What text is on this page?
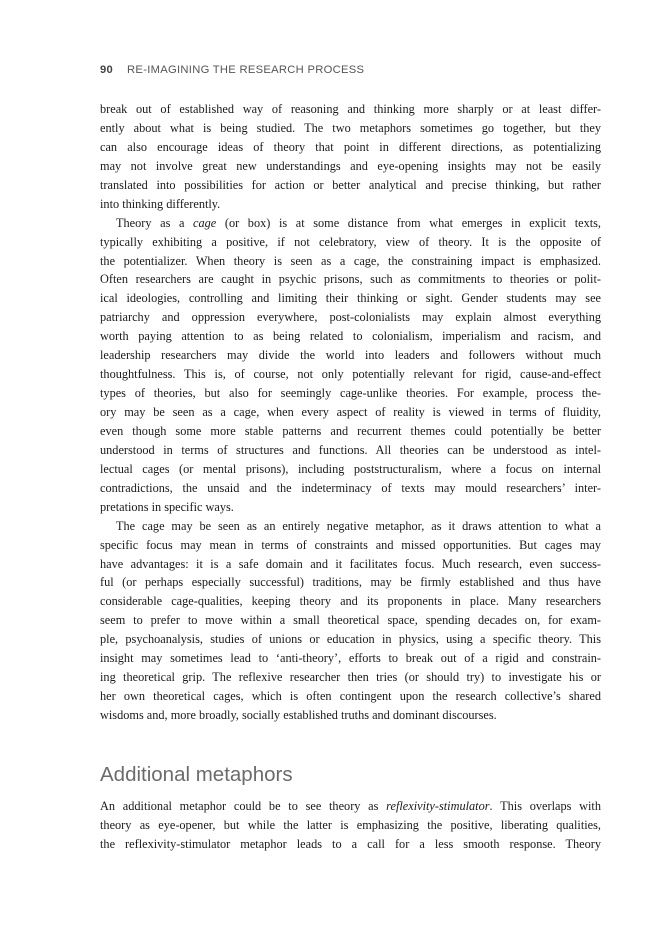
90 RE-IMAGINING THE RESEARCH PROCESS
break out of established way of reasoning and thinking more sharply or at least differ-
ently about what is being studied. The two metaphors sometimes go together, but they
can also encourage ideas of theory that point in different directions, as potentializing
may not involve great new understandings and eye-opening insights may not be easily
translated into possibilities for action or better analytical and precise thinking, but rather
into thinking differently.
Theory as a cage (or box) is at some distance from what emerges in explicit texts,
typically exhibiting a positive, if not celebratory, view of theory. It is the opposite of
the potentializer. When theory is seen as a cage, the constraining impact is emphasized.
Often researchers are caught in psychic prisons, such as commitments to theories or polit-
ical ideologies, controlling and limiting their thinking or sight. Gender students may see
patriarchy and oppression everywhere, post-colonialists may explain almost everything
worth paying attention to as being related to colonialism, imperialism and racism, and
leadership researchers may divide the world into leaders and followers without much
thoughtfulness. This is, of course, not only potentially relevant for rigid, cause-and-effect
types of theories, but also for seemingly cage-unlike theories. For example, process the-
ory may be seen as a cage, when every aspect of reality is viewed in terms of fluidity,
even though some more stable patterns and recurrent themes could potentially be better
understood in terms of structures and functions. All theories can be understood as intel-
lectual cages (or mental prisons), including poststructuralism, where a focus on internal
contradictions, the unsaid and the indeterminacy of texts may mould researchers’ inter-
pretations in specific ways.
The cage may be seen as an entirely negative metaphor, as it draws attention to what a
specific focus may mean in terms of constraints and missed opportunities. But cages may
have advantages: it is a safe domain and it facilitates focus. Much research, even success-
ful (or perhaps especially successful) traditions, may be firmly established and thus have
considerable cage-qualities, keeping theory and its proponents in place. Many researchers
seem to prefer to move within a small theoretical space, spending decades on, for exam-
ple, psychoanalysis, studies of unions or education in physics, using a specific theory. This
insight may sometimes lead to ‘anti-theory’, efforts to break out of a rigid and constrain-
ing theoretical grip. The reflexive researcher then tries (or should try) to investigate his or
her own theoretical cages, which is often contingent upon the research collective’s shared
wisdoms and, more broadly, socially established truths and dominant discourses.
Additional metaphors
An additional metaphor could be to see theory as reflexivity-stimulator. This overlaps with
theory as eye-opener, but while the latter is emphasizing the positive, liberating qualities,
the reflexivity-stimulator metaphor leads to a call for a less smooth response. Theory
